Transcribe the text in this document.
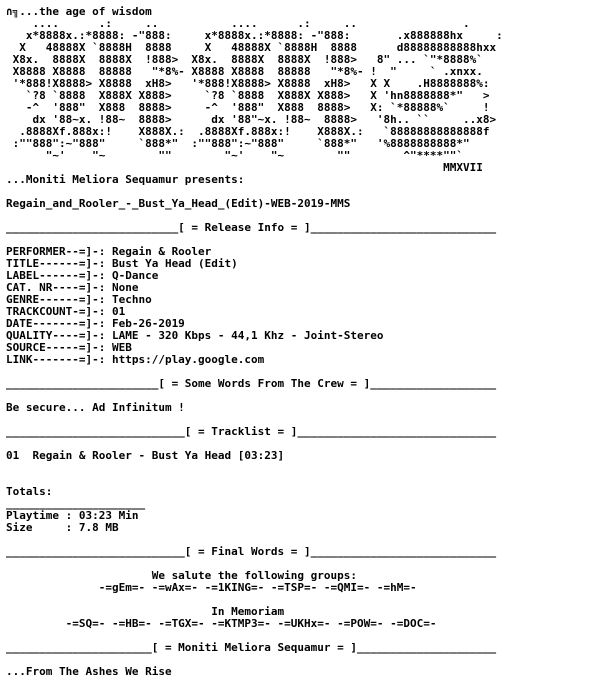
∩╗...the age of wisdom
....      .:     ..           ....      .:     ..                .
x*8888x.:*8888: -"888:     x*8888x.:*8888: -"888:       .x888888hx     :
X   48888X `8888H  8888     X   48888X `8888H  8888      d88888888888hxx
X8x.  8888X  8888X  !888>  X8x.  8888X  8888X  !888>   8" ... `"*8888%`
X8888 X8888  88888   "*8%- X8888 X8888  88888   "*8%- !  "     ` .xnxx.
'*888!X8888> X8888  xH8>   '*888!X8888> X8888  xH8>   X X    .H8888888%:
`?8 `8888  X888X X888>     `?8 `8888  X888X X888>   X 'hn8888888*"   >
-^  '888"  X888  8888>     -^  '888"  X888  8888>   X: `*88888%`     !
dx '88~x. !88~  8888>      dx '88"~x. !88~  8888>   '8h.. ``     ..x8>
.8888Xf.888x:!    X888X.:  .8888Xf.888x:!    X888X.:   `88888888888888f
:""888":~"888"     `888*"  :""888":~"888"     `888*"   '%8888888888*"
"~'    "~        ""        "~'    "~        ""        ^"****""`
MMXVII
...Moniti Meliora Sequamur presents:
Regain_and_Rooler_-_Bust_Ya_Head_(Edit)-WEB-2019-MMS
__________________________[ = Release Info = ]____________________________
PERFORMER--=]-: Regain & Rooler
TITLE------=]-: Bust Ya Head (Edit)
LABEL------=]-: Q-Dance
CAT. NR----=]-: None
GENRE------=]-: Techno
TRACKCOUNT-=]-: 01
DATE-------=]-: Feb-26-2019
QUALITY----=]-: LAME - 320 Kbps - 44,1 Khz - Joint-Stereo
SOURCE-----=]-: WEB
LINK-------=]-: https://play.google.com
_______________________[ = Some Words From The Crew = ]___________________
Be secure... Ad Infinitum !
___________________________[ = Tracklist = ]______________________________
01  Regain & Rooler - Bust Ya Head [03:23]
Totals:
_____________________
Playtime : 03:23 Min
Size     : 7.8 MB
___________________________[ = Final Words = ]____________________________
We salute the following groups:
-=gEm=- -=wAx=- -=1KING=- -=TSP=- -=QMI=- -=hM=-
In Memoriam
-=SQ=- -=HB=- -=TGX=- -=KTMP3=- -=UKHx=- -=POW=- -=DOC=-
______________________[ = Moniti Meliora Sequamur = ]_____________________
...From The Ashes We Rise
